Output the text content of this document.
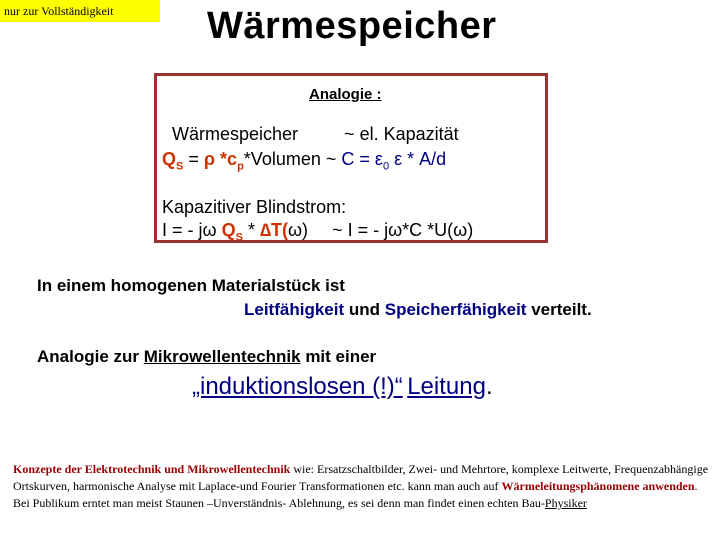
nur zur Vollständigkeit	Wärmespeicher
Analogie :
Wärmespeicher	~ el. Kapazität
$Q_S = \rho$ $*c_p*Volumen$ ~ $C = \varepsilon_0$ ε * A/d
Kapazitiver Blindstrom:
I = - jω $Q_S * \Delta T(\omega)$ ~ I = - jω*C *U(ω)
In einem homogenen Materialstück ist
Leitfähigkeit und Speicherfähigkeit verteilt.
Analogie zur Mikrowellentechnik mit einer
„induktionslosen (!)“ Leitung.
Konzepte der Elektrotechnik und Mikrowellentechnik wie: Ersatzschaltbilder, Zwei- und Mehrtore, komplexe Leitwerte, Frequenzabhängige Ortskurven, harmonische Analyse mit Laplace-und Fourier Transformationen etc. kann man auch auf Wärmeleitungsphänomene anwenden.
Bei Publikum erntet man meist Staunen –Unverständnis- Ablehnung, es sei denn man findet einen echten Bau-Physiker
